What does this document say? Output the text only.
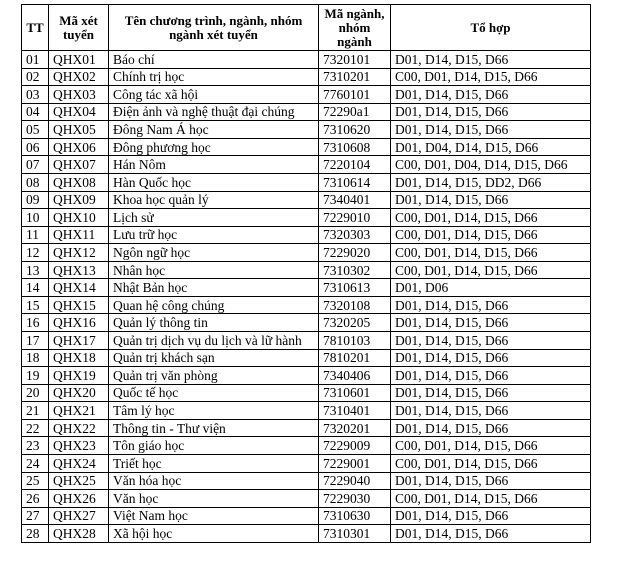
TT	Mã xét tuyển	Tên chương trình, ngành, nhóm ngành xét tuyển	Mã ngành, nhóm ngành	Tổ hợp
01	QHX01	Báo chí	7320101	D01, D14, D15, D66
02	QHX02	Chính trị học	7310201	C00, D01, D14, D15, D66
03	QHX03	Công tác xã hội	7760101	D01, D14, D15, D66
04	QHX04	Điện ảnh và nghệ thuật đại chúng	72290a1	D01, D14, D15, D66
05	QHX05	Đông Nam Á học	7310620	D01, D14, D15, D66
06	QHX06	Đông phương học	7310608	D01, D04, D14, D15, D66
07	QHX07	Hán Nôm	7220104	C00, D01, D04, D14, D15, D66
08	QHX08	Hàn Quốc học	7310614	D01, D14, D15, DD2, D66
09	QHX09	Khoa học quản lý	7340401	D01, D14, D15, D66
10	QHX10	Lịch sử	7229010	C00, D01, D14, D15, D66
11	QHX11	Lưu trữ học	7320303	C00, D01, D14, D15, D66
12	QHX12	Ngôn ngữ học	7229020	C00, D01, D14, D15, D66
13	QHX13	Nhân học	7310302	C00, D01, D14, D15, D66
14	QHX14	Nhật Bản học	7310613	D01, D06
15	QHX15	Quan hệ công chúng	7320108	D01, D14, D15, D66
16	QHX16	Quản lý thông tin	7320205	D01, D14, D15, D66
17	QHX17	Quản trị dịch vụ du lịch và lữ hành	7810103	D01, D14, D15, D66
18	QHX18	Quản trị khách sạn	7810201	D01, D14, D15, D66
19	QHX19	Quản trị văn phòng	7340406	D01, D14, D15, D66
20	QHX20	Quốc tế học	7310601	D01, D14, D15, D66
21	QHX21	Tâm lý học	7310401	D01, D14, D15, D66
22	QHX22	Thông tin - Thư viện	7320201	D01, D14, D15, D66
23	QHX23	Tôn giáo học	7229009	C00, D01, D14, D15, D66
24	QHX24	Triết học	7229001	C00, D01, D14, D15, D66
25	QHX25	Văn hóa học	7229040	D01, D14, D15, D66
26	QHX26	Văn học	7229030	C00, D01, D14, D15, D66
27	QHX27	Việt Nam học	7310630	D01, D14, D15, D66
28	QHX28	Xã hội học	7310301	D01, D14, D15, D66
